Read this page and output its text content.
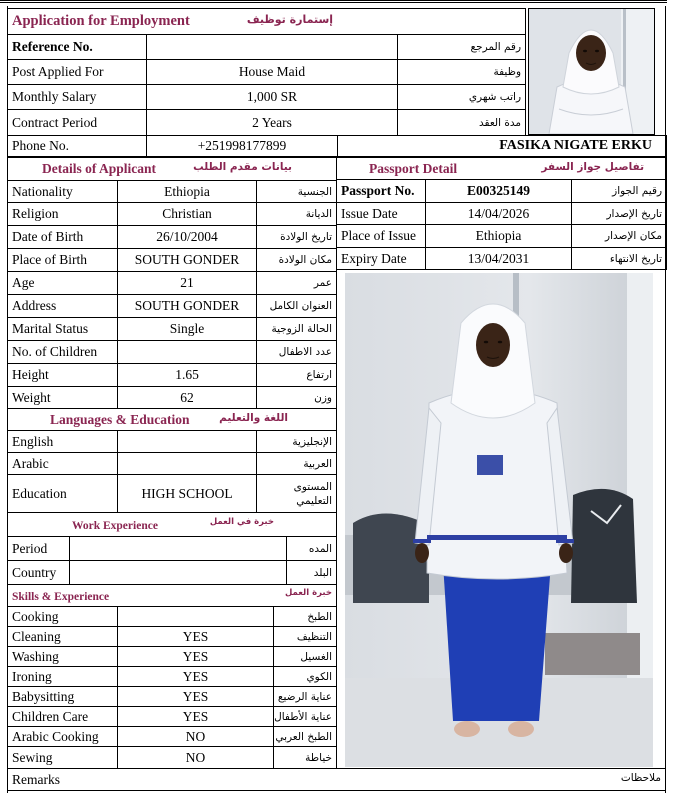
Application for Employment إستمارة توظيف		

Reference No.		رقم المرجع
Post Applied For	House Maid	وظيفة
Monthly Salary	1,000 SR	راتب شهري
Contract Period	2 Years	مدة العقد
Phone No.	+251998177899	FASIKA NIGATE ERKU
Details of Applicant بيانات مقدم الطلب		

Nationality	Ethiopia	الجنسية
Religion	Christian	الديانة
Date of Birth	26/10/2004	تاريخ الولادة
Place of Birth	SOUTH GONDER	مكان الولادة
Age	21	عمر
Address	SOUTH GONDER	العنوان الكامل
Marital Status	Single	الحالة الزوجية
No. of Children		عدد الاطفال
Height	1.65	ارتفاع
Weight	62	وزن
Passport Detail تفاصيل جواز السفر		

Passport No.	E00325149	رقيم الجواز
Issue Date	14/04/2026	تاريخ الإصدار
Place of Issue	Ethiopia	مكان الإصدار
Expiry Date	13/04/2031	تاريخ الانتهاء
Languages & Education اللغة والتعليم		

English		الإنجليزية
Arabic		العربية
Education	HIGH SCHOOL	المستوى
التعليمي
Work Experience خبرة في العمل		

Period		المده
Country		البلد
Skills & Experience خبرة العمل		

Cooking		الطبخ
Cleaning	YES	التنظيف
Washing	YES	الغسيل
Ironing	YES	الكوي
Babysitting	YES	عناية الرضيع
Children Care	YES	عناية الأطفال
Arabic Cooking	NO	الطبخ العربي
Sewing	NO	خياطة
Remarks	ملاحظات
